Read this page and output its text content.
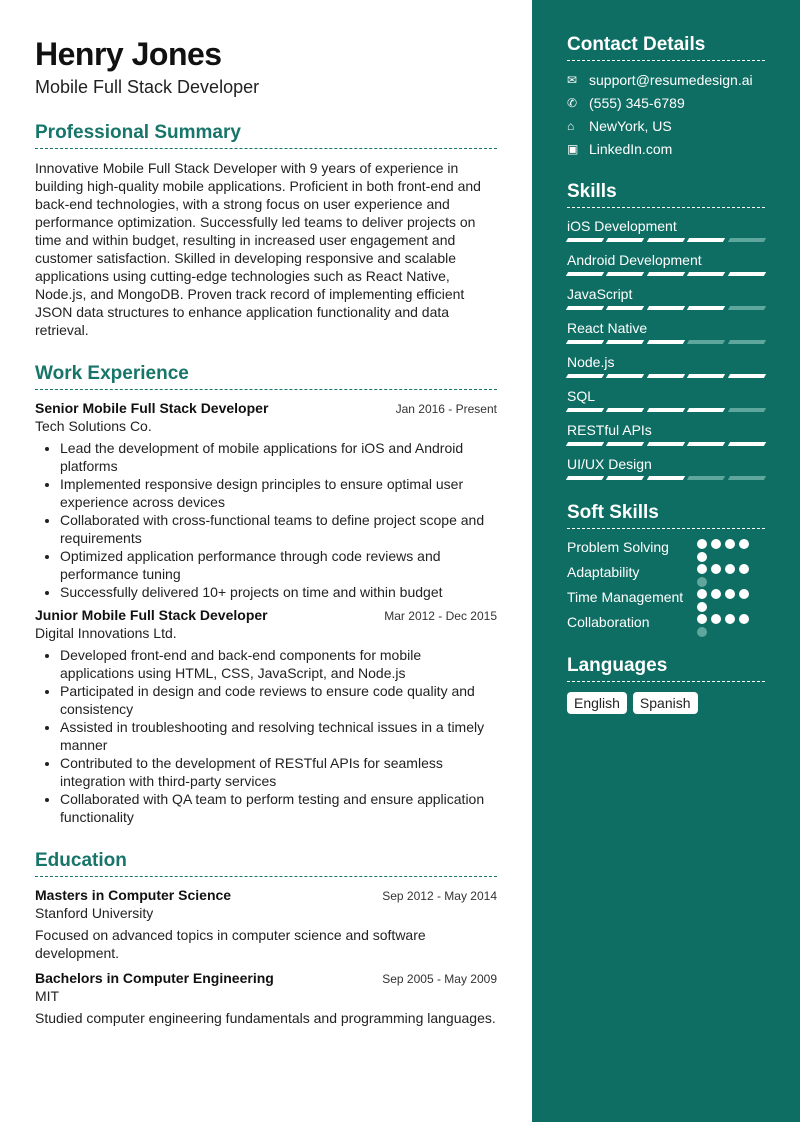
Henry Jones
Mobile Full Stack Developer
Professional Summary

Innovative Mobile Full Stack Developer with 9 years of experience in building high-quality mobile applications. Proficient in both front-end and back-end technologies, with a strong focus on user experience and performance optimization. Successfully led teams to deliver projects on time and within budget, resulting in increased user engagement and customer satisfaction. Skilled in developing responsive and scalable applications using cutting-edge technologies such as React Native, Node.js, and MongoDB. Proven track record of implementing efficient JSON data structures to enhance application functionality and data retrieval.

Work Experience
Senior Mobile Full Stack Developer	Jan 2016 - Present
Tech Solutions Co.
• Lead the development of mobile applications for iOS and Android platforms
• Implemented responsive design principles to ensure optimal user experience across devices
• Collaborated with cross-functional teams to define project scope and requirements
• Optimized application performance through code reviews and performance tuning
• Successfully delivered 10+ projects on time and within budget
Junior Mobile Full Stack Developer	Mar 2012 - Dec 2015
Digital Innovations Ltd.
• Developed front-end and back-end components for mobile applications using HTML, CSS, JavaScript, and Node.js
• Participated in design and code reviews to ensure code quality and consistency
• Assisted in troubleshooting and resolving technical issues in a timely manner
• Contributed to the development of RESTful APIs for seamless integration with third-party services
• Collaborated with QA team to perform testing and ensure application functionality
Education
Masters in Computer Science	Sep 2012 - May 2014
Stanford University

Focused on advanced topics in computer science and software development.

Bachelors in Computer Engineering	Sep 2005 - May 2009
MIT

Studied computer engineering fundamentals and programming languages.

Contact Details
✉ support@resumedesign.ai
✆ (555) 345-6789
⌂	NewYork, US
▣ LinkedIn.com
Skills
iOS Development
Android Development
JavaScript
React Native
Node.js
SQL
RESTful APIs
UI/UX Design
Soft Skills
Problem Solving
Adaptability
Time Management
Collaboration
Languages
English	Spanish
